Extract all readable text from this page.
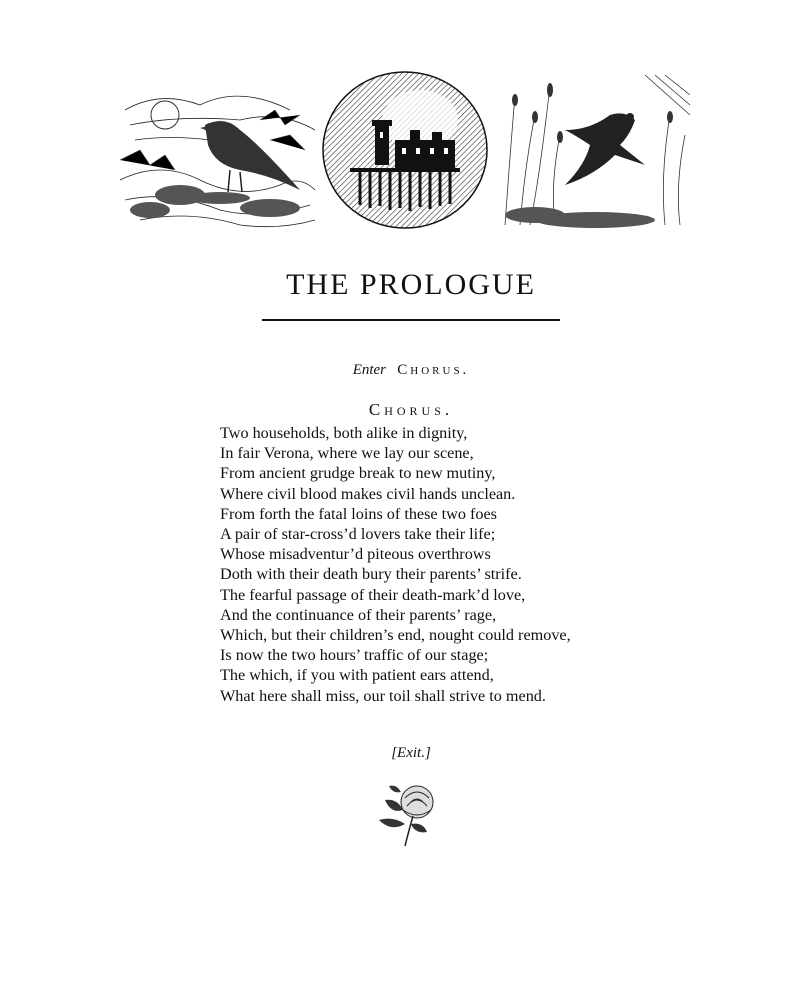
THE PROLOGUE
Enter Chorus.
Chorus.
Two households, both alike in dignity,
In fair Verona, where we lay our scene,
From ancient grudge break to new mutiny,
Where civil blood makes civil hands unclean.
From forth the fatal loins of these two foes
A pair of star-cross’d lovers take their life;
Whose misadventur’d piteous overthrows
Doth with their death bury their parents’ strife.
The fearful passage of their death-mark’d love,
And the continuance of their parents’ rage,
Which, but their children’s end, nought could remove,
Is now the two hours’ traffic of our stage;
The which, if you with patient ears attend,
What here shall miss, our toil shall strive to mend.
[Exit.]
